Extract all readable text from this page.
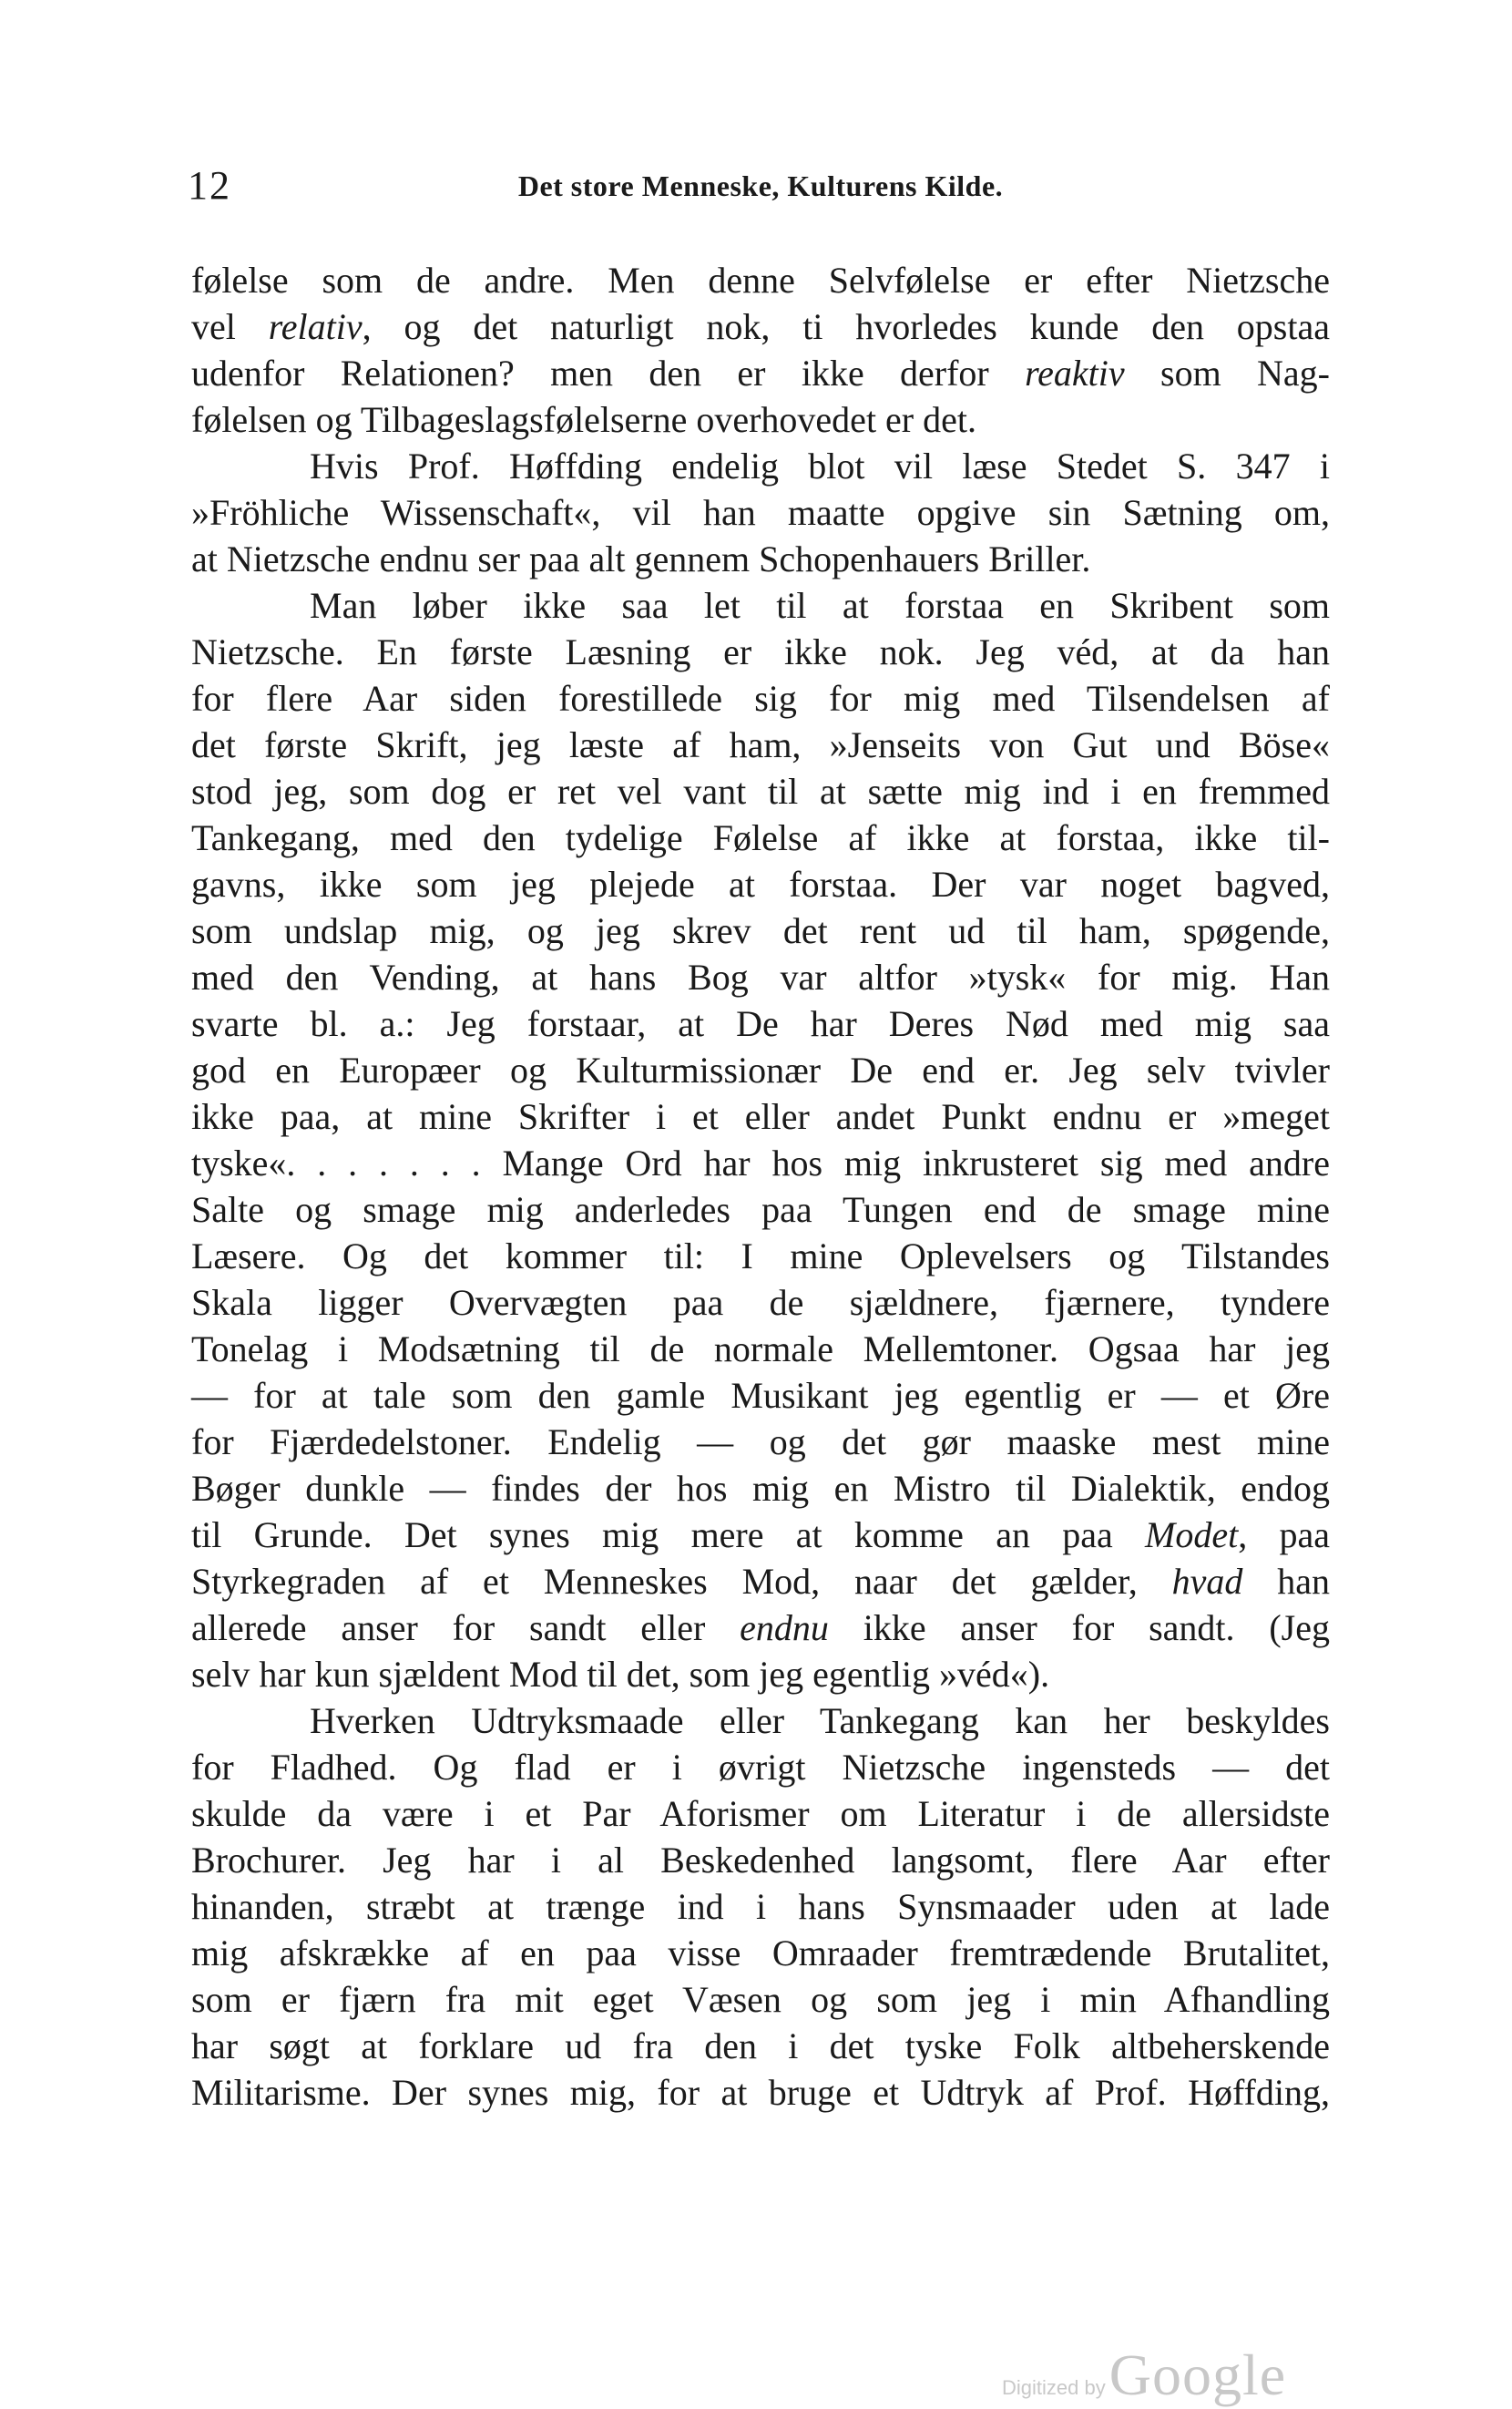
12	Det store Menneske, Kulturens Kilde.
følelse som de andre. Men denne Selvfølelse er efter Nietzsche
vel relativ, og det naturligt nok, ti hvorledes kunde den opstaa
udenfor Relationen? men den er ikke derfor reaktiv som Nag-
følelsen og Tilbageslagsfølelserne overhovedet er det.
Hvis Prof. Høffding endelig blot vil læse Stedet S. 347 i
»Fröhliche Wissenschaft«, vil han maatte opgive sin Sætning om,
at Nietzsche endnu ser paa alt gennem Schopenhauers Briller.
Man løber ikke saa let til at forstaa en Skribent som
Nietzsche. En første Læsning er ikke nok. Jeg véd, at da han
for flere Aar siden forestillede sig for mig med Tilsendelsen af
det første Skrift, jeg læste af ham, »Jenseits von Gut und Böse«
stod jeg, som dog er ret vel vant til at sætte mig ind i en fremmed
Tankegang, med den tydelige Følelse af ikke at forstaa, ikke til-
gavns, ikke som jeg plejede at forstaa. Der var noget bagved,
som undslap mig, og jeg skrev det rent ud til ham, spøgende,
med den Vending, at hans Bog var altfor »tysk« for mig. Han
svarte bl. a.: Jeg forstaar, at De har Deres Nød med mig saa
god en Europæer og Kulturmissionær De end er. Jeg selv tvivler
ikke paa, at mine Skrifter i et eller andet Punkt endnu er »meget
tyske«. . . . . . . Mange Ord har hos mig inkrusteret sig med andre
Salte og smage mig anderledes paa Tungen end de smage mine
Læsere. Og det kommer til: I mine Oplevelsers og Tilstandes
Skala ligger Overvægten paa de sjældnere, fjærnere, tyndere
Tonelag i Modsætning til de normale Mellemtoner. Ogsaa har jeg
— for at tale som den gamle Musikant jeg egentlig er — et Øre
for Fjærdedelstoner. Endelig — og det gør maaske mest mine
Bøger dunkle — findes der hos mig en Mistro til Dialektik, endog
til Grunde. Det synes mig mere at komme an paa Modet, paa
Styrkegraden af et Menneskes Mod, naar det gælder, hvad han
allerede anser for sandt eller endnu ikke anser for sandt. (Jeg
selv har kun sjældent Mod til det, som jeg egentlig »véd«).
Hverken Udtryksmaade eller Tankegang kan her beskyldes
for Fladhed. Og flad er i øvrigt Nietzsche ingensteds — det
skulde da være i et Par Aforismer om Literatur i de allersidste
Brochurer. Jeg har i al Beskedenhed langsomt, flere Aar efter
hinanden, stræbt at trænge ind i hans Synsmaader uden at lade
mig afskrække af en paa visse Omraader fremtrædende Brutalitet,
som er fjærn fra mit eget Væsen og som jeg i min Afhandling
har søgt at forklare ud fra den i det tyske Folk altbeherskende
Militarisme. Der synes mig, for at bruge et Udtryk af Prof. Høffding,
Digitized by Google
